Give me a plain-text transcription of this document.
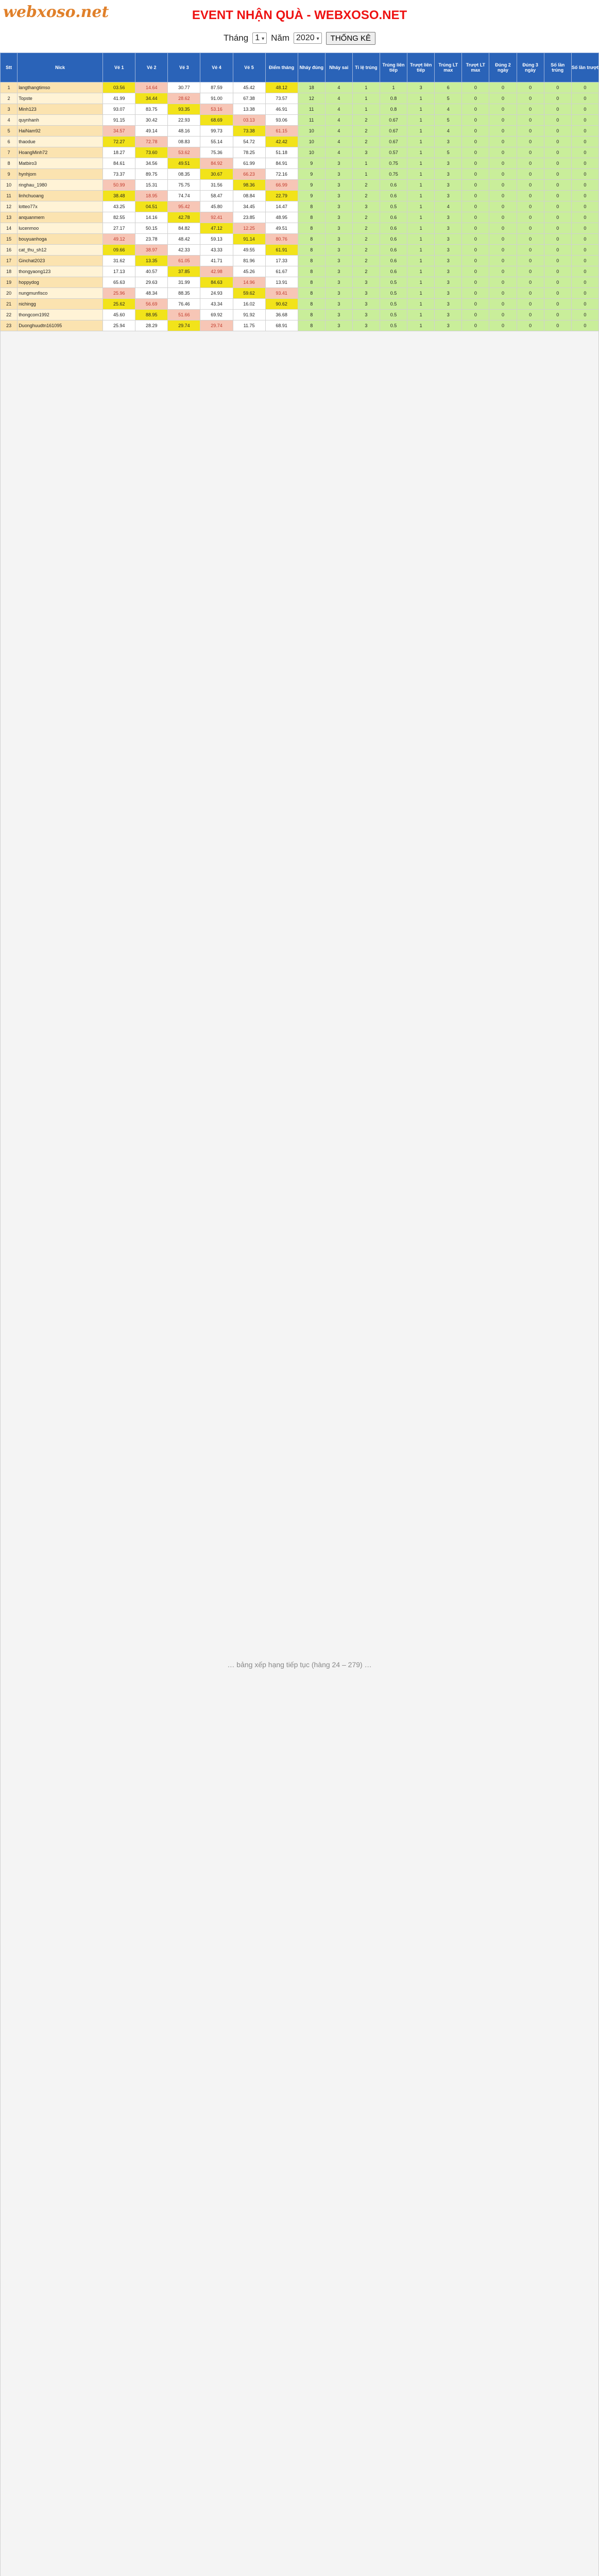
webxoso.net	EVENT NHẬN QUÀ - WEBXOSO.NET
Tháng 1 ▾ Năm 2020 ▾	THỐNG KÊ
Stt	Nick	Vé 1	Vé 2	Vé 3	Vé 4	Vé 5	Điểm tháng	Nháy đúng	Nháy sai	Tỉ lệ trúng	Trúng liên tiếp	Trượt liên tiếp	Trúng LT max	Trượt LT max	Đúng 2 ngày	Đúng 3 ngày	Số lần trúng	Số lần trượt
1	langthangtimso	03.56	14.64	30.77	87.59	45.42	48.12	18	4	1	1	3	6	0	0	0	0	0
2	Topste	41.99	34.44	28.62	91.00	67.38	73.57	12	4	1	0.8	1	5	0	0	0	0	0
3	Minh123	93.07	83.75	93.35	53.16	13.38	46.91	11	4	1	0.8	1	4	0	0	0	0	0
4	quynhanh	91.15	30.42	22.93	68.69	03.13	93.06	11	4	2	0.67	1	5	0	0	0	0	0
5	HaiNam92	34.57	49.14	48.16	99.73	73.38	61.15	10	4	2	0.67	1	4	0	0	0	0	0
6	thaodue	72.27	72.78	08.83	55.14	54.72	42.42	10	4	2	0.67	1	3	0	0	0	0	0
7	HoangMinh72	18.27	73.60	53.62	75.36	78.25	51.18	10	4	3	0.57	1	5	0	0	0	0	0
8	Matbiro3	84.61	34.56	49.51	84.92	61.99	84.91	9	3	1	0.75	1	3	0	0	0	0	0
9	hynhjom	73.37	89.75	08.35	30.67	66.23	72.16	9	3	1	0.75	1	3	0	0	0	0	0
10	ringhau_1980	50.99	15.31	75.75	31.56	98.36	66.99	9	3	2	0.6	1	3	0	0	0	0	0
11	linhchuoang	38.48	18.95	74.74	58.47	08.84	22.79	9	3	2	0.6	1	3	0	0	0	0	0
12	lotteo77x	43.25	04.51	95.42	45.80	34.45	14.47	8	3	3	0.5	1	4	0	0	0	0	0
13	anquanmem	82.55	14.16	42.78	92.41	23.85	48.95	8	3	2	0.6	1	3	0	0	0	0	0
14	lucenmoo	27.17	50.15	84.82	47.12	12.25	49.51	8	3	2	0.6	1	3	0	0	0	0	0
15	bouyuanhoga	49.12	23.78	48.42	59.13	91.14	80.76	8	3	2	0.6	1	3	0	0	0	0	0
16	cat_thu_sh12	09.66	38.97	42.33	43.33	49.55	61.91	8	3	2	0.6	1	3	0	0	0	0	0
17	Ginchat2023	31.62	13.35	61.05	41.71	81.96	17.33	8	3	2	0.6	1	3	0	0	0	0	0
18	thongyaong123	17.13	40.57	37.85	42.98	45.26	61.67	8	3	2	0.6	1	3	0	0	0	0	0
19	hoppydog	65.63	29.63	31.99	84.63	14.96	13.91	8	3	3	0.5	1	3	0	0	0	0	0
20	nungmunfisco	25.96	48.34	88.35	24.93	59.62	93.41	8	3	3	0.5	1	3	0	0	0	0	0
21	nichingg	25.62	56.69	76.46	43.34	16.02	90.62	8	3	3	0.5	1	3	0	0	0	0	0
22	thongcom1992	45.60	88.95	51.66	69.92	91.92	36.68	8	3	3	0.5	1	3	0	0	0	0	0
23	Duonghuudtn161095	25.94	28.29	29.74	29.74	11.75	68.91	8	3	3	0.5	1	3	0	0	0	0	0
… bảng xếp hạng tiếp tục (hàng 24 – 279) …																		
